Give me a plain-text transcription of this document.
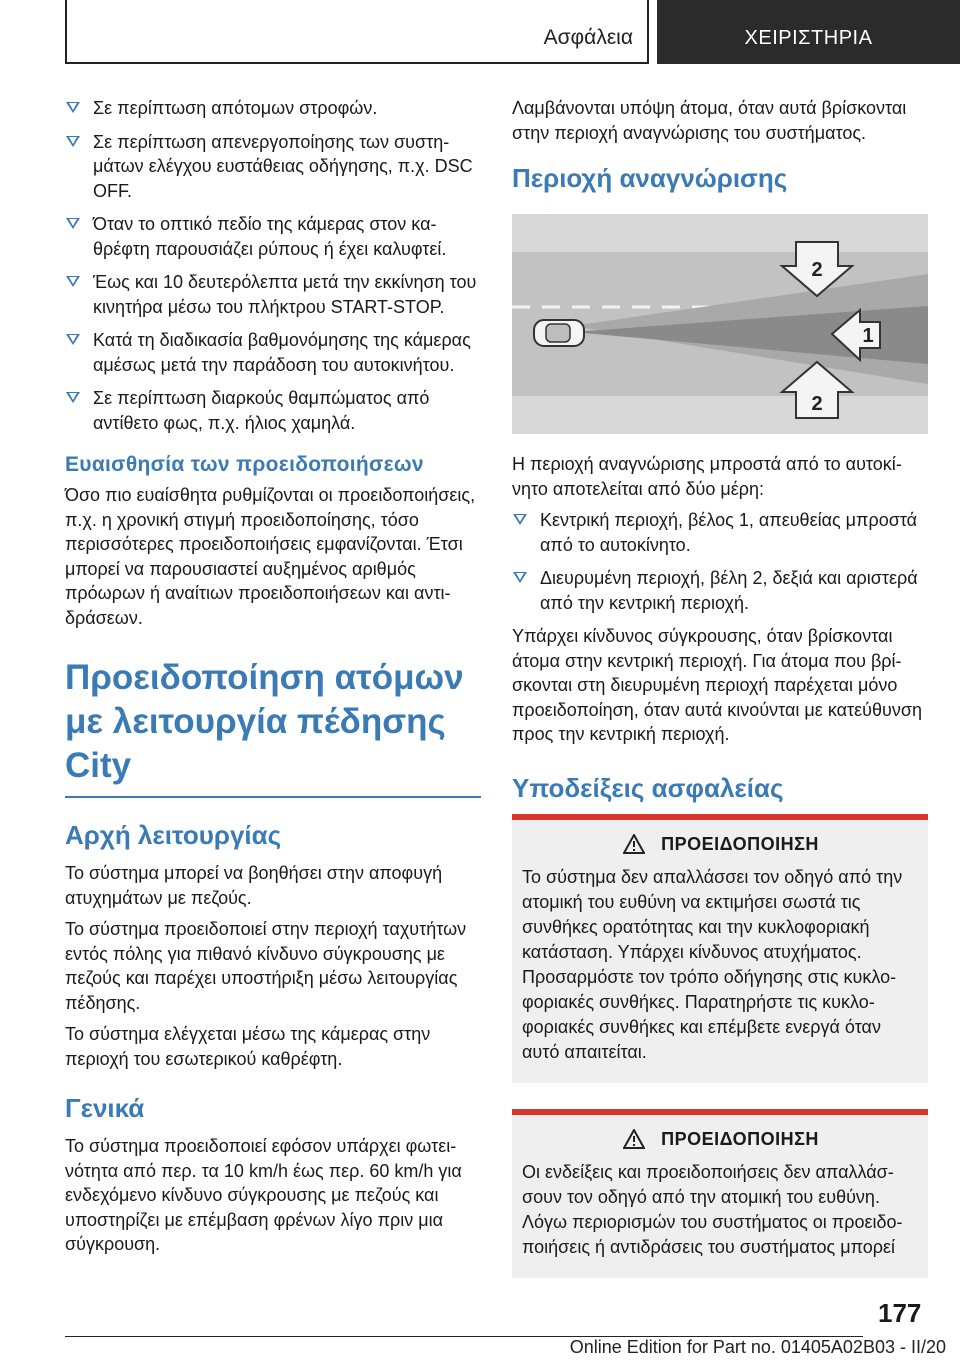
Ασφάλεια	ΧΕΙΡΙΣΤΗΡΙΑ
Σε περίπτωση απότομων στροφών.
Σε περίπτωση απενεργοποίησης των συστημάτων ελέγχου ευστάθειας οδήγησης, π.χ. DSC OFF.
Όταν το οπτικό πεδίο της κάμερας στον καθρέφτη παρουσιάζει ρύπους ή έχει καλυφτεί.
Έως και 10 δευτερόλεπτα μετά την εκκίνηση του κινητήρα μέσω του πλήκτρου START-STOP.
Κατά τη διαδικασία βαθμονόμησης της κάμερας αμέσως μετά την παράδοση του αυτοκινήτου.
Σε περίπτωση διαρκούς θαμπώματος από αντίθετο φως, π.χ. ήλιος χαμηλά.
Ευαισθησία των προειδοποιήσεων

Όσο πιο ευαίσθητα ρυθμίζονται οι προειδοποιήσεις, π.χ. η χρονική στιγμή προειδοποίησης, τόσο περισσότερες προειδοποιήσεις εμφανίζονται. Έτσι μπορεί να παρουσιαστεί αυξημένος αριθμός πρόωρων ή αναίτιων προειδοποιήσεων και αντιδράσεων.

Προειδοποίηση ατόμων με λειτουργία πέδησης City
Αρχή λειτουργίας

Το σύστημα μπορεί να βοηθήσει στην αποφυγή ατυχημάτων με πεζούς.

Το σύστημα προειδοποιεί στην περιοχή ταχυτήτων εντός πόλης για πιθανό κίνδυνο σύγκρουσης με πεζούς και παρέχει υποστήριξη μέσω λειτουργίας πέδησης.

Το σύστημα ελέγχεται μέσω της κάμερας στην περιοχή του εσωτερικού καθρέφτη.

Γενικά

Το σύστημα προειδοποιεί εφόσον υπάρχει φωτεινότητα από περ. τα 10 km/h έως περ. 60 km/h για ενδεχόμενο κίνδυνο σύγκρουσης με πεζούς και υποστηρίζει με επέμβαση φρένων λίγο πριν μια σύγκρουση.

Λαμβάνονται υπόψη άτομα, όταν αυτά βρίσκονται στην περιοχή αναγνώρισης του συστήματος.

Περιοχή αναγνώρισης
2
1
2

Η περιοχή αναγνώρισης μπροστά από το αυτοκίνητο αποτελείται από δύο μέρη:

Κεντρική περιοχή, βέλος 1, απευθείας μπροστά από το αυτοκίνητο.
Διευρυμένη περιοχή, βέλη 2, δεξιά και αριστερά από την κεντρική περιοχή.

Υπάρχει κίνδυνος σύγκρουσης, όταν βρίσκονται άτομα στην κεντρική περιοχή. Για άτομα που βρίσκονται στη διευρυμένη περιοχή παρέχεται μόνο προειδοποίηση, όταν αυτά κινούνται με κατεύθυνση προς την κεντρική περιοχή.

Υποδείξεις ασφαλείας
ΠΡΟΕΙΔΟΠΟΙΗΣΗ

Το σύστημα δεν απαλλάσσει τον οδηγό από την ατομική του ευθύνη να εκτιμήσει σωστά τις συνθήκες ορατότητας και την κυκλοφοριακή κατάσταση. Υπάρχει κίνδυνος ατυχήματος. Προσαρμόστε τον τρόπο οδήγησης στις κυκλοφοριακές συνθήκες. Παρατηρήστε τις κυκλοφοριακές συνθήκες και επέμβετε ενεργά όταν αυτό απαιτείται.

ΠΡΟΕΙΔΟΠΟΙΗΣΗ

Οι ενδείξεις και προειδοποιήσεις δεν απαλλάσσουν τον οδηγό από την ατομική του ευθύνη. Λόγω περιορισμών του συστήματος οι προειδοποιήσεις ή αντιδράσεις του συστήματος μπορεί

177
Online Edition for Part no. 01405A02B03 - II/20
